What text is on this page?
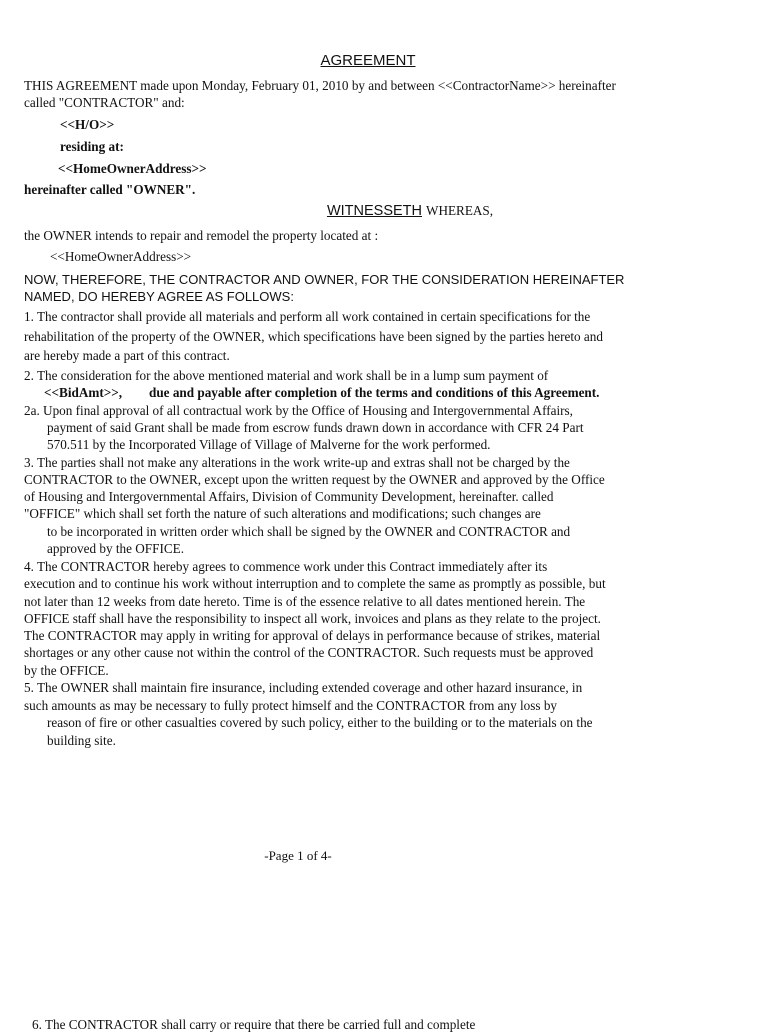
AGREEMENT
THIS AGREEMENT made upon Monday, February 01, 2010 by and between <<ContractorName>> hereinafter
called "CONTRACTOR" and:
<<H/O>>
residing at:
<<HomeOwnerAddress>>
hereinafter called "OWNER".
WITNESSETH WHEREAS,
the OWNER intends to repair and remodel the property located at :
<<HomeOwnerAddress>>
NOW, THEREFORE, THE CONTRACTOR AND OWNER, FOR THE CONSIDERATION HEREINAFTER
NAMED, DO HEREBY AGREE AS FOLLOWS:
1. The contractor shall provide all materials and perform all work contained in certain specifications for the
rehabilitation of the property of the OWNER, which specifications have been signed by the parties hereto and
are hereby made a part of this contract.
2. The consideration for the above mentioned material and work shall be in a lump sum payment of
<<BidAmt>>, due and payable after completion of the terms and conditions of this Agreement.
2a. Upon final approval of all contractual work by the Office of Housing and Intergovernmental Affairs,
payment of said Grant shall be made from escrow funds drawn down in accordance with CFR 24 Part
570.511 by the Incorporated Village of Village of Malverne for the work performed.
3. The parties shall not make any alterations in the work write-up and extras shall not be charged by the
CONTRACTOR to the OWNER, except upon the written request by the OWNER and approved by the Office
of Housing and Intergovernmental Affairs, Division of Community Development, hereinafter. called
"OFFICE" which shall set forth the nature of such alterations and modifications; such changes are
to be incorporated in written order which shall be signed by the OWNER and CONTRACTOR and
approved by the OFFICE.
4. The CONTRACTOR hereby agrees to commence work under this Contract immediately after its
execution and to continue his work without interruption and to complete the same as promptly as possible, but
not later than 12 weeks from date hereto. Time is of the essence relative to all dates mentioned herein. The
OFFICE staff shall have the responsibility to inspect all work, invoices and plans as they relate to the project.
The CONTRACTOR may apply in writing for approval of delays in performance because of strikes, material
shortages or any other cause not within the control of the CONTRACTOR. Such requests must be approved
by the OFFICE.
5. The OWNER shall maintain fire insurance, including extended coverage and other hazard insurance, in
such amounts as may be necessary to fully protect himself and the CONTRACTOR from any loss by
reason of fire or other casualties covered by such policy, either to the building or to the materials on the
building site.
-Page 1 of 4-
6. The CONTRACTOR shall carry or require that there be carried full and complete
